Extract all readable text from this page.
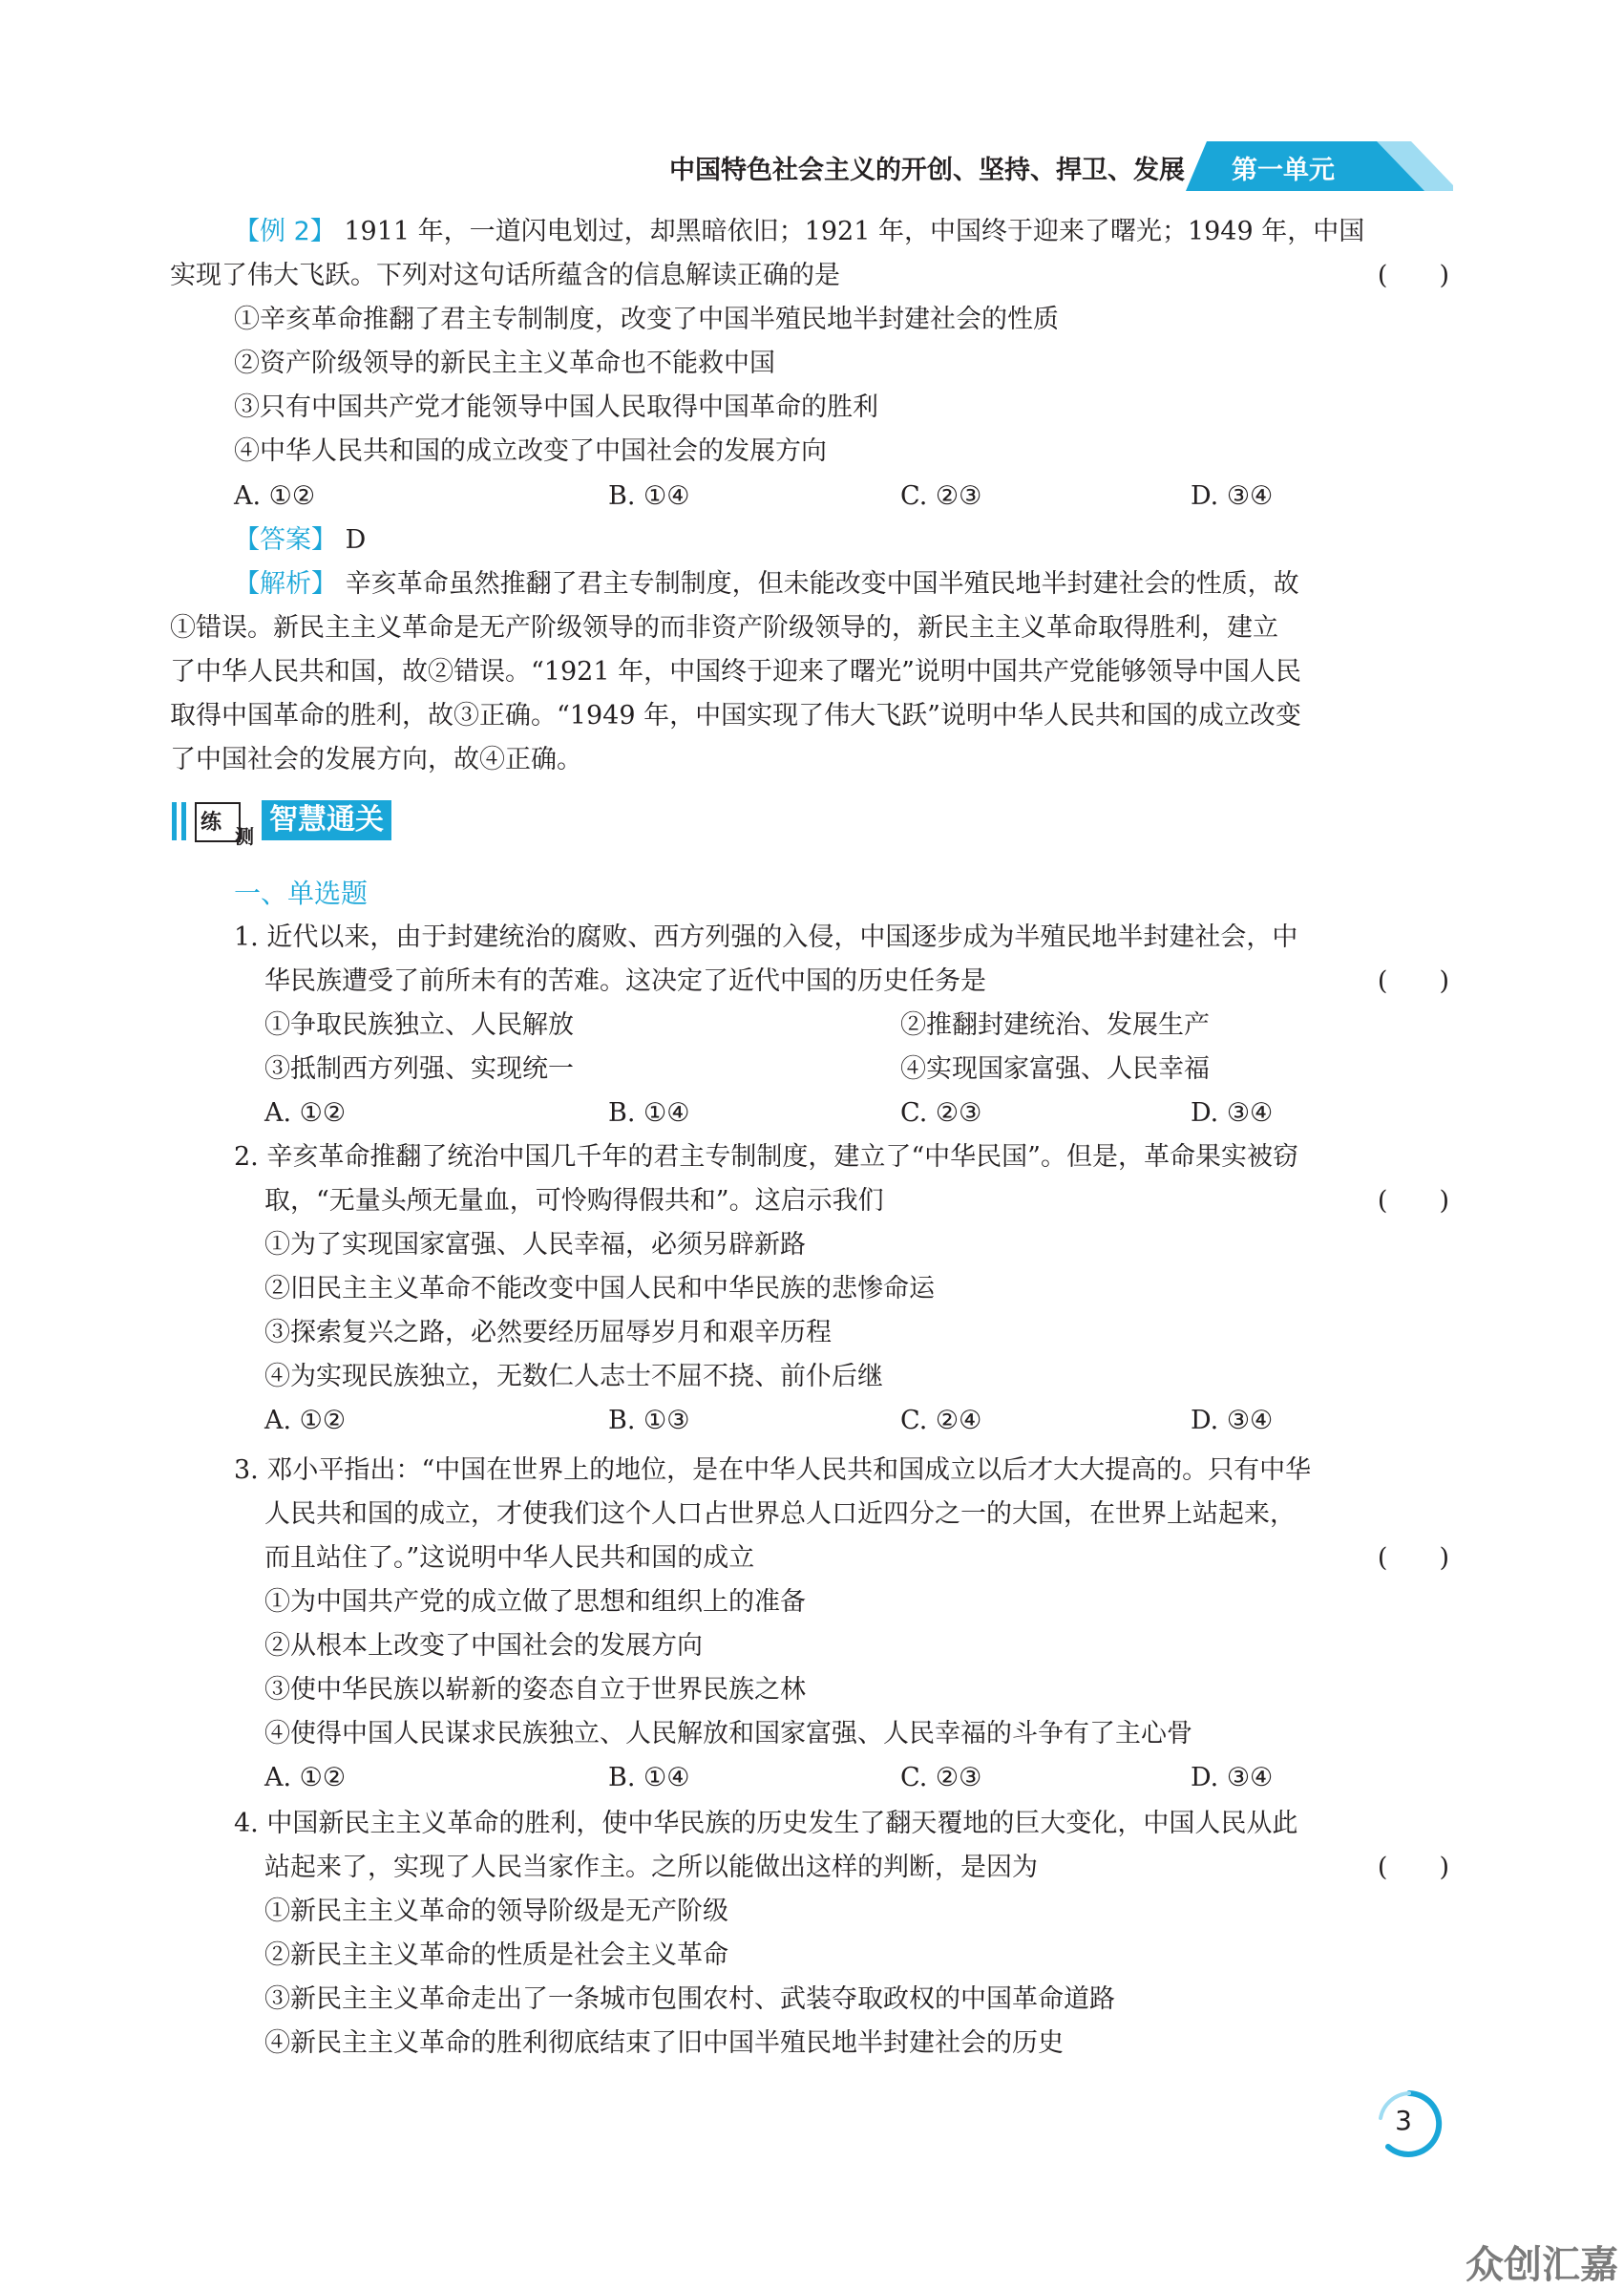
中国特色社会主义的开创、坚持、捍卫、发展 第一单元
【例 2】 1911 年，一道闪电划过，却黑暗依旧；1921 年，中国终于迎来了曙光；1949 年，中国
实现了伟大飞跃。下列对这句话所蕴含的信息解读正确的是	(　　)
①辛亥革命推翻了君主专制制度，改变了中国半殖民地半封建社会的性质
②资产阶级领导的新民主主义革命也不能救中国
③只有中国共产党才能领导中国人民取得中国革命的胜利
④中华人民共和国的成立改变了中国社会的发展方向
A. ①②	B. ①④	C. ②③	D. ③④
【答案】 D
【解析】 辛亥革命虽然推翻了君主专制制度，但未能改变中国半殖民地半封建社会的性质，故
①错误。新民主主义革命是无产阶级领导的而非资产阶级领导的，新民主主义革命取得胜利，建立
了中华人民共和国，故②错误。“1921 年，中国终于迎来了曙光”说明中国共产党能够领导中国人民
取得中国革命的胜利，故③正确。“1949 年，中国实现了伟大飞跃”说明中华人民共和国的成立改变
了中国社会的发展方向，故④正确。
练
测 智慧通关
一、单选题
1. 近代以来，由于封建统治的腐败、西方列强的入侵，中国逐步成为半殖民地半封建社会，中
华民族遭受了前所未有的苦难。这决定了近代中国的历史任务是	(　　)
①争取民族独立、人民解放	②推翻封建统治、发展生产
③抵制西方列强、实现统一	④实现国家富强、人民幸福
A. ①②	B. ①④	C. ②③	D. ③④
2. 辛亥革命推翻了统治中国几千年的君主专制制度，建立了“中华民国”。但是，革命果实被窃
取，“无量头颅无量血，可怜购得假共和”。这启示我们	(　　)
①为了实现国家富强、人民幸福，必须另辟新路
②旧民主主义革命不能改变中国人民和中华民族的悲惨命运
③探索复兴之路，必然要经历屈辱岁月和艰辛历程
④为实现民族独立，无数仁人志士不屈不挠、前仆后继
A. ①②	B. ①③	C. ②④	D. ③④
3. 邓小平指出：“中国在世界上的地位，是在中华人民共和国成立以后才大大提高的。只有中华
人民共和国的成立，才使我们这个人口占世界总人口近四分之一的大国，在世界上站起来，
而且站住了。”这说明中华人民共和国的成立	(　　)
①为中国共产党的成立做了思想和组织上的准备
②从根本上改变了中国社会的发展方向
③使中华民族以崭新的姿态自立于世界民族之林
④使得中国人民谋求民族独立、人民解放和国家富强、人民幸福的斗争有了主心骨
A. ①②	B. ①④	C. ②③	D. ③④
4. 中国新民主主义革命的胜利，使中华民族的历史发生了翻天覆地的巨大变化，中国人民从此
站起来了，实现了人民当家作主。之所以能做出这样的判断，是因为	(　　)
①新民主主义革命的领导阶级是无产阶级
②新民主主义革命的性质是社会主义革命
③新民主主义革命走出了一条城市包围农村、武装夺取政权的中国革命道路
④新民主主义革命的胜利彻底结束了旧中国半殖民地半封建社会的历史
3
众创汇嘉
